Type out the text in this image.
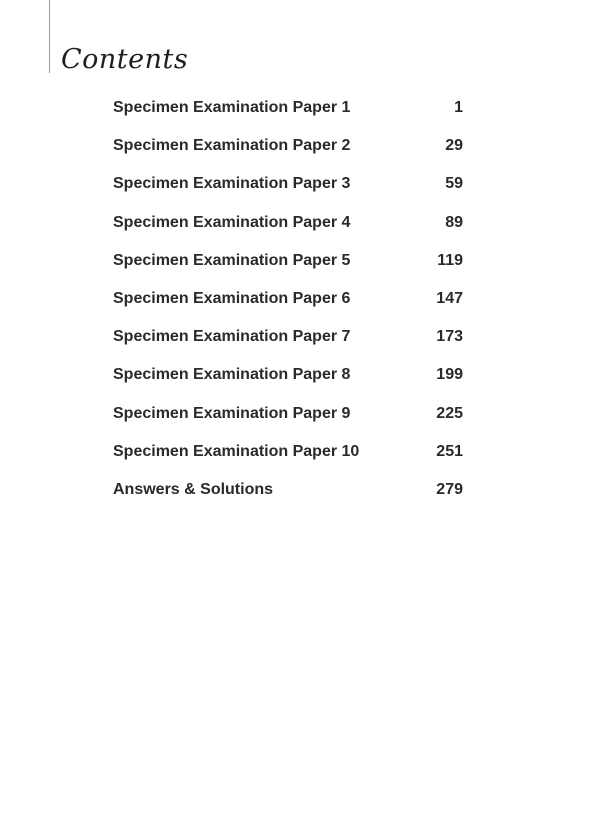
Contents
Specimen Examination Paper 1	1
Specimen Examination Paper 2	29
Specimen Examination Paper 3	59
Specimen Examination Paper 4	89
Specimen Examination Paper 5	119
Specimen Examination Paper 6	147
Specimen Examination Paper 7	173
Specimen Examination Paper 8	199
Specimen Examination Paper 9	225
Specimen Examination Paper 10	251
Answers & Solutions	279
